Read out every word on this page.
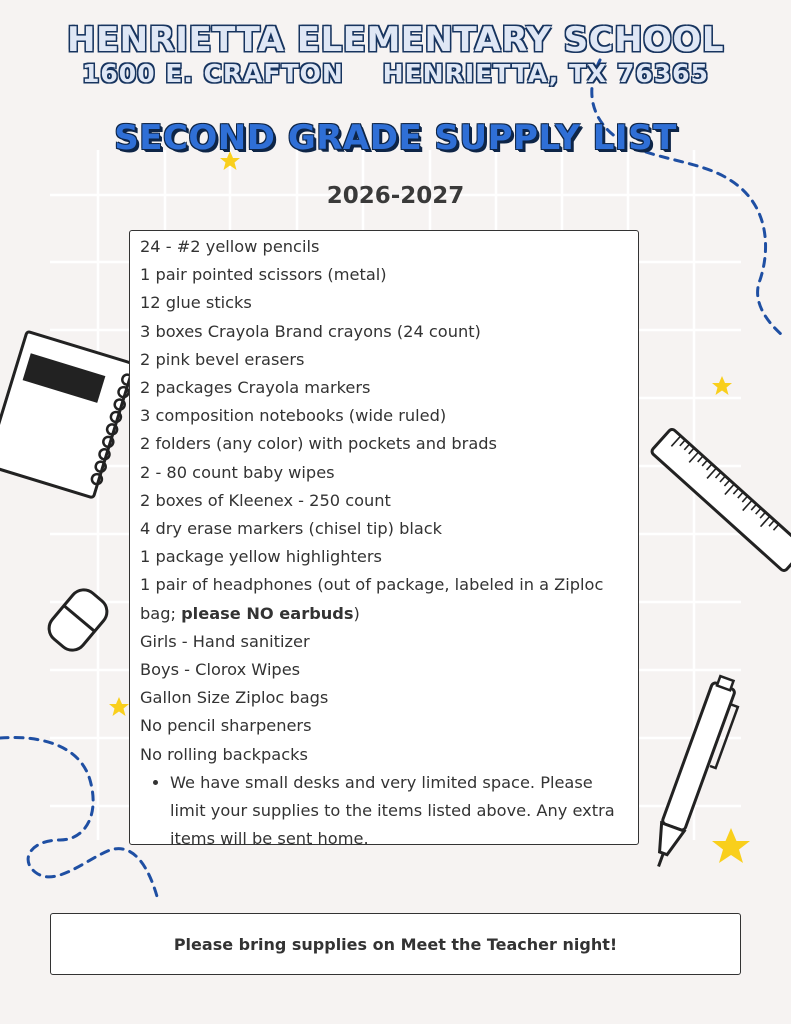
HENRIETTA ELEMENTARY SCHOOL
1600 E. CRAFTON    HENRIETTA, TX 76365
SECOND GRADE SUPPLY LIST
2026-2027
24 - #2 yellow pencils
1 pair pointed scissors (metal)
12 glue sticks
3 boxes Crayola Brand crayons (24 count)
2 pink bevel erasers
2 packages Crayola markers
3 composition notebooks (wide ruled)
2 folders (any color) with pockets and brads
2 - 80 count baby wipes
2 boxes of Kleenex - 250 count
4 dry erase markers (chisel tip) black
1 package yellow highlighters
1 pair of headphones (out of package, labeled in a Ziploc bag; please NO earbuds)
Girls - Hand sanitizer
Boys - Clorox Wipes
Gallon Size Ziploc bags
No pencil sharpeners
No rolling backpacks
• We have small desks and very limited space. Please limit your supplies to the items listed above. Any extra items will be sent home.
Please bring supplies on Meet the Teacher night!
